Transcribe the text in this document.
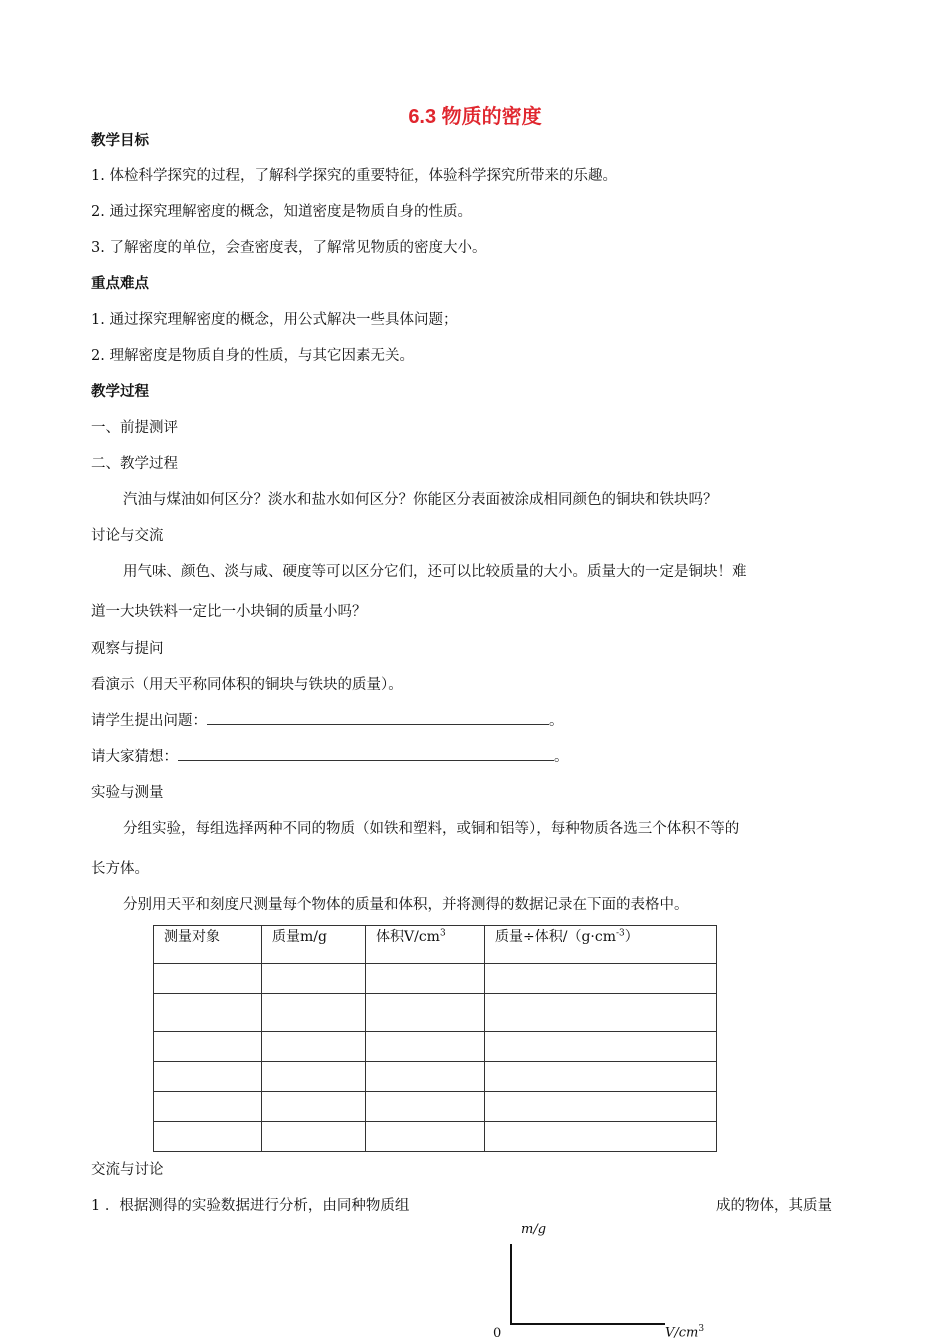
6.3 物质的密度
教学目标
1. 体检科学探究的过程，了解科学探究的重要特征，体验科学探究所带来的乐趣。
2. 通过探究理解密度的概念，知道密度是物质自身的性质。
3. 了解密度的单位，会查密度表，了解常见物质的密度大小。
重点难点
1. 通过探究理解密度的概念，用公式解决一些具体问题；
2. 理解密度是物质自身的性质，与其它因素无关。
教学过程
一、前提测评
二、教学过程
汽油与煤油如何区分？淡水和盐水如何区分？你能区分表面被涂成相同颜色的铜块和铁块吗？
讨论与交流
用气味、颜色、淡与咸、硬度等可以区分它们，还可以比较质量的大小。质量大的一定是铜块！难
道一大块铁料一定比一小块铜的质量小吗？
观察与提问
看演示（用天平称同体积的铜块与铁块的质量）。
请学生提出问题：	。
请大家猜想：	。
实验与测量
分组实验，每组选择两种不同的物质（如铁和塑料，或铜和铝等），每种物质各选三个体积不等的
长方体。
分别用天平和刻度尺测量每个物体的质量和体积，并将测得的数据记录在下面的表格中。
测量对象	质量m/g	体积$V/cm^3$	质量÷体积$/(g\cdot cm^{-3})$

交流与讨论
1 ．根据测得的实验数据进行分析，由同种物质组	成的物体，其质量
m/g
0	$V/cm^3$
